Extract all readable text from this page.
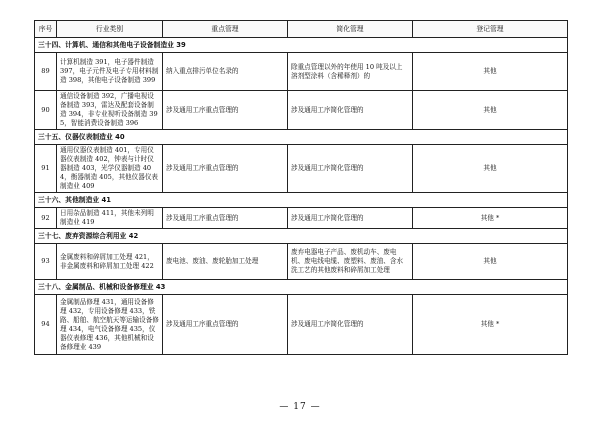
序号	行业类别	重点管理	简化管理	登记管理
三十四、计算机、通信和其他电子设备制造业 39				
89	计算机制造 391，电子器件制造 397，电子元件及电子专用材料制造 398，其他电子设备制造 399	纳入重点排污单位名录的	除重点管理以外的年使用 10 吨及以上溶剂型涂料（含稀释剂）的	其他
90	通信设备制造 392，广播电视设备制造 393，雷达及配套设备制造 394，非专业视听设备制造 395，智能消费设备制造 396	涉及通用工序重点管理的	涉及通用工序简化管理的	其他
三十五、仪器仪表制造业 40				
91	通用仪器仪表制造 401，专用仪器仪表制造 402，钟表与计时仪器制造 403，光学仪器制造 404，衡器制造 405，其他仪器仪表制造业 409	涉及通用工序重点管理的	涉及通用工序简化管理的	其他
三十六、其他制造业 41				
92	日用杂品制造 411，其他未列明制造业 419	涉及通用工序重点管理的	涉及通用工序简化管理的	其他 *
三十七、废弃资源综合利用业 42				
93	金属废料和碎屑加工处理 421，非金属废料和碎屑加工处理 422	废电池、废油、废轮胎加工处理	废弃电器电子产品、废机动车、废电机、废电线电缆、废塑料、废油、含水洗工艺的其他废料和碎屑加工处理	其他
三十八、金属制品、机械和设备修理业 43				
94	金属制品修理 431，通用设备修理 432，专用设备修理 433，铁路、船舶、航空航天等运输设备修理 434，电气设备修理 435，仪器仪表修理 436，其他机械和设备修理业 439	涉及通用工序重点管理的	涉及通用工序简化管理的	其他 *
— 17 —
